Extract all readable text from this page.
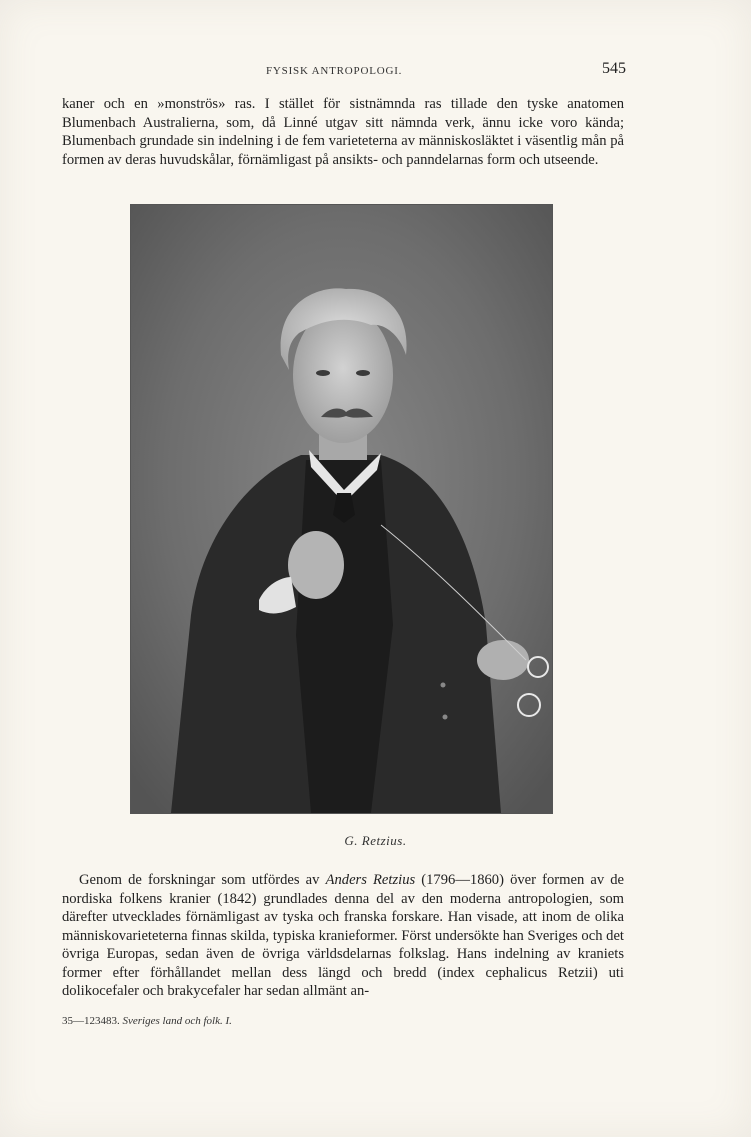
FYSISK ANTROPOLOGI.	545

kaner och en »monströs» ras. I stället för sistnämnda ras tillade den tyske anatomen Blumenbach Australierna, som, då Linné utgav sitt nämnda verk, ännu icke voro kända; Blumenbach grundade sin indelning i de fem varieteterna av människosläktet i väsentlig mån på formen av deras huvudskålar, förnämligast på ansikts- och panndelarnas form och utseende.

G. Retzius.

Genom de forskningar som utfördes av Anders Retzius (1796—1860) över formen av de nordiska folkens kranier (1842) grundlades denna del av den moderna antropologien, som därefter utvecklades förnämligast av tyska och franska forskare. Han visade, att inom de olika människovarieteterna finnas skilda, typiska kranieformer. Först undersökte han Sveriges och det övriga Europas, sedan även de övriga världsdelarnas folkslag. Hans indelning av kraniets former efter förhållandet mellan dess längd och bredd (index cephalicus Retzii) uti dolikocefaler och brakycefaler har sedan allmänt an-

35—123483. Sveriges land och folk. I.
